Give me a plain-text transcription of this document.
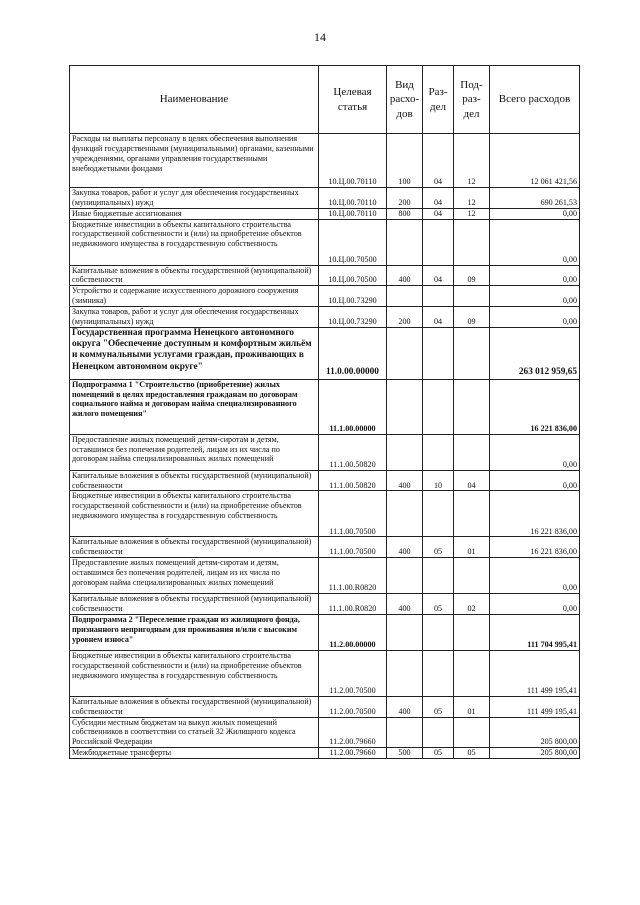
14
Наименование	Целевая статья	Вид расхо-дов	Раз-дел	Под-раз-дел	Всего расходов
Расходы на выплаты персоналу в целях обеспечения выполнения функций государственными (муниципальными) органами, казенными учреждениями, органами управления государственными внебюджетными фондами	10.Ц.00.70110	100	04	12	12 061 421,56
Закупка товаров, работ и услуг для обеспечения государственных (муниципальных) нужд	10.Ц.00.70110	200	04	12	690 261,53
Иные бюджетные ассигнования	10.Ц.00.70110	800	04	12	0,00
Бюджетные инвестиции в объекты капитального строительства государственной собственности и (или) на приобретение объектов недвижимого имущества в государственную собственность	10.Ц.00.70500				0,00
Капитальные вложения в объекты государственной (муниципальной) собственности	10.Ц.00.70500	400	04	09	0,00
Устройство и содержание искусственного дорожного сооружения (зимника)	10.Ц.00.73290				0,00
Закупка товаров, работ и услуг для обеспечения государственных (муниципальных) нужд	10.Ц.00.73290	200	04	09	0,00
Государственная программа Ненецкого автономного округа "Обеспечение доступным и комфортным жильём и коммунальными услугами граждан, проживающих в Ненецком автономном округе"	11.0.00.00000				263 012 959,65
Подпрограмма 1 "Строительство (приобретение) жилых помещений в целях предоставления гражданам по договорам социального найма и договорам найма специализированного жилого помещения"	11.1.00.00000				16 221 836,00
Предоставление жилых помещений детям-сиротам и детям, оставшимся без попечения родителей, лицам из их числа по договорам найма специализированных жилых помещений	11.1.00.50820				0,00
Капитальные вложения в объекты государственной (муниципальной) собственности	11.1.00.50820	400	10	04	0,00
Бюджетные инвестиции в объекты капитального строительства государственной собственности и (или) на приобретение объектов недвижимого имущества в государственную собственность	11.1.00.70500				16 221 836,00
Капитальные вложения в объекты государственной (муниципальной) собственности	11.1.00.70500	400	05	01	16 221 836,00
Предоставление жилых помещений детям-сиротам и детям, оставшимся без попечения родителей, лицам из их числа по договорам найма специализированных жилых помещений	11.1.00.R0820				0,00
Капитальные вложения в объекты государственной (муниципальной) собственности	11.1.00.R0820	400	05	02	0,00
Подпрограмма 2 "Переселение граждан из жилищного фонда, признанного непригодным для проживания и/или с высоким уровнем износа"	11.2.00.00000				111 704 995,41
Бюджетные инвестиции в объекты капитального строительства государственной собственности и (или) на приобретение объектов недвижимого имущества в государственную собственность	11.2.00.70500				111 499 195,41
Капитальные вложения в объекты государственной (муниципальной) собственности	11.2.00.70500	400	05	01	111 499 195,41
Субсидии местным бюджетам на выкуп жилых помещений собственников в соответствии со статьей 32 Жилищного кодекса Российской Федерации	11.2.00.79660				205 800,00
Межбюджетные трансферты	11.2.00.79660	500	05	05	205 800,00
